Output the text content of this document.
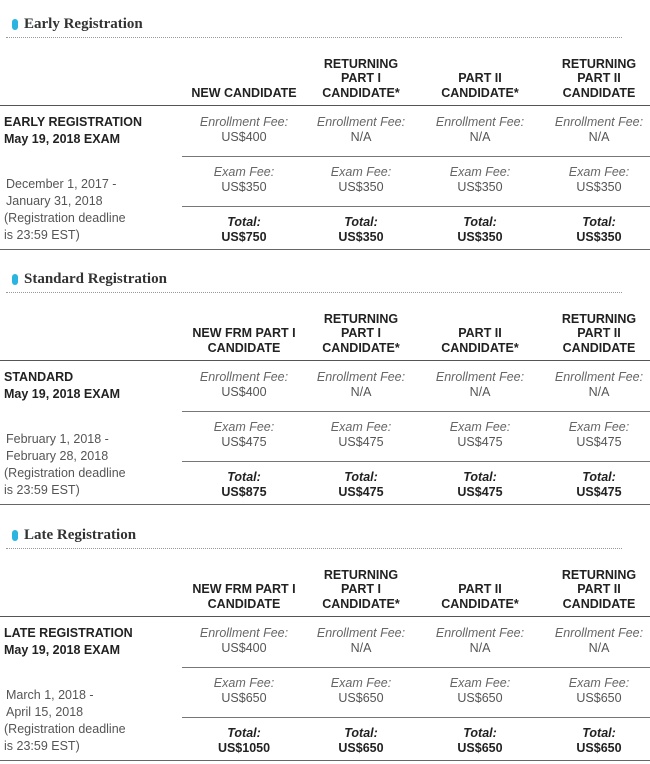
Early Registration
NEW CANDIDATE
RETURNING
PART I
CANDIDATE*
PART II
CANDIDATE*
RETURNING
PART II
CANDIDATE
EARLY REGISTRATION
May 19, 2018 EXAM
December 1, 2017 -
January 31, 2018
(Registration deadline
is 23:59 EST)
Enrollment Fee:
US$400
Enrollment Fee:
N/A
Enrollment Fee:
N/A
Enrollment Fee:
N/A
Exam Fee:
US$350
Exam Fee:
US$350
Exam Fee:
US$350
Exam Fee:
US$350
Total:
US$750
Total:
US$350
Total:
US$350
Total:
US$350
Standard Registration
NEW FRM PART I
CANDIDATE
RETURNING
PART I
CANDIDATE*
PART II
CANDIDATE*
RETURNING
PART II
CANDIDATE
STANDARD
May 19, 2018 EXAM
February 1, 2018 -
February 28, 2018
(Registration deadline
is 23:59 EST)
Enrollment Fee:
US$400
Enrollment Fee:
N/A
Enrollment Fee:
N/A
Enrollment Fee:
N/A
Exam Fee:
US$475
Exam Fee:
US$475
Exam Fee:
US$475
Exam Fee:
US$475
Total:
US$875
Total:
US$475
Total:
US$475
Total:
US$475
Late Registration
NEW FRM PART I
CANDIDATE
RETURNING
PART I
CANDIDATE*
PART II
CANDIDATE*
RETURNING
PART II
CANDIDATE
LATE REGISTRATION
May 19, 2018 EXAM
March 1, 2018 -
April 15, 2018
(Registration deadline
is 23:59 EST)
Enrollment Fee:
US$400
Enrollment Fee:
N/A
Enrollment Fee:
N/A
Enrollment Fee:
N/A
Exam Fee:
US$650
Exam Fee:
US$650
Exam Fee:
US$650
Exam Fee:
US$650
Total:
US$1050
Total:
US$650
Total:
US$650
Total:
US$650
